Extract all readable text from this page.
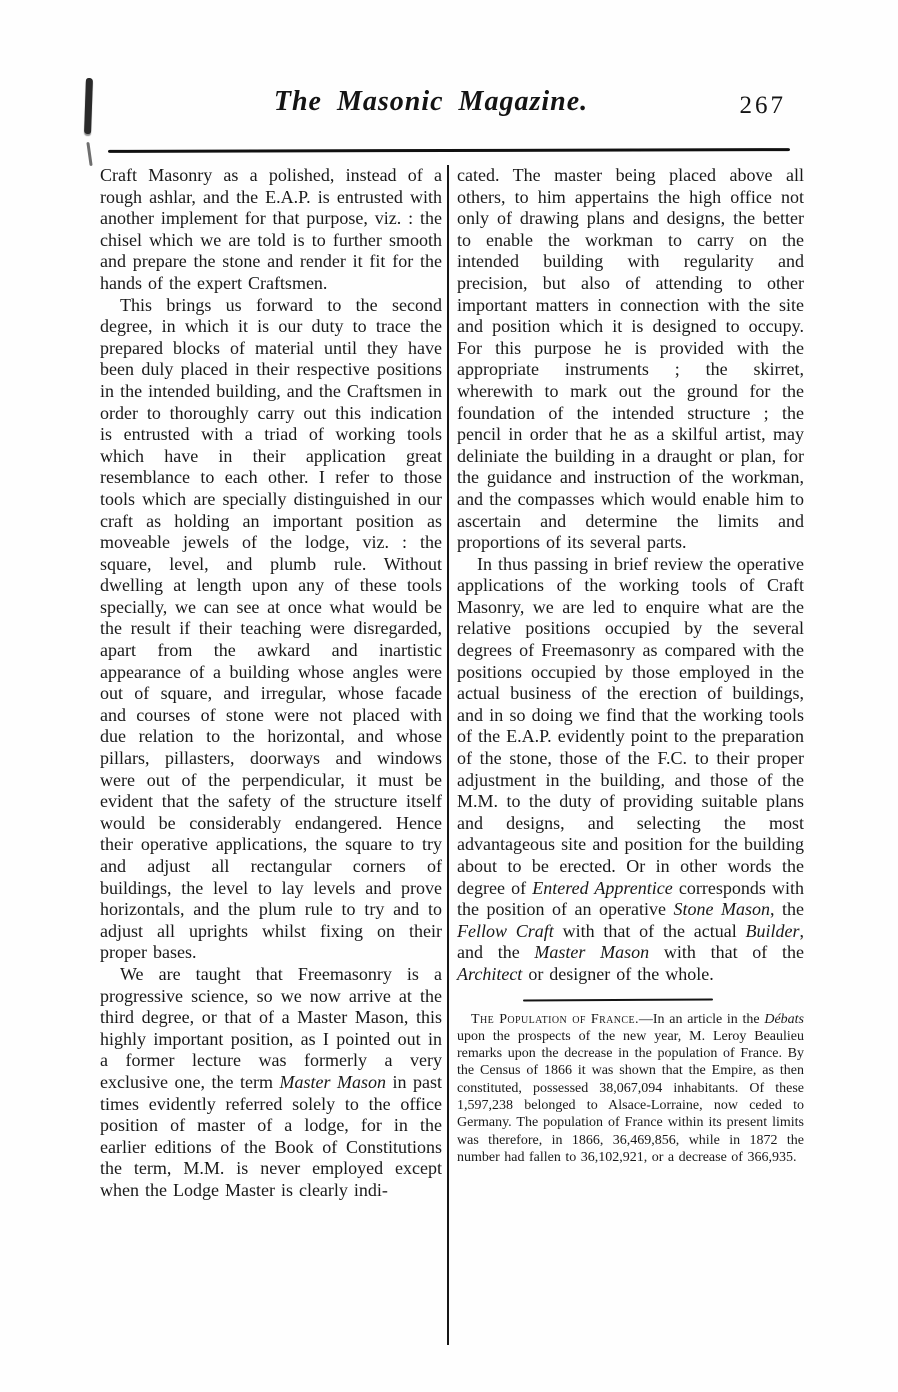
The Masonic Magazine.	267

Craft Masonry as a polished, instead of a rough ashlar, and the E.A.P. is entrusted with another implement for that purpose, viz. : the chisel which we are told is to further smooth and prepare the stone and render it fit for the hands of the expert Craftsmen.

This brings us forward to the second degree, in which it is our duty to trace the prepared blocks of material until they have been duly placed in their respective positions in the intended building, and the Craftsmen in order to thoroughly carry out this indication is entrusted with a triad of working tools which have in their application great resemblance to each other. I refer to those tools which are specially distinguished in our craft as holding an important position as moveable jewels of the lodge, viz. : the square, level, and plumb rule. Without dwelling at length upon any of these tools specially, we can see at once what would be the result if their teaching were disregarded, apart from the awkard and inartistic appearance of a building whose angles were out of square, and irregular, whose facade and courses of stone were not placed with due relation to the horizontal, and whose pillars, pillasters, doorways and windows were out of the perpendicular, it must be evident that the safety of the structure itself would be considerably endangered. Hence their operative applications, the square to try and adjust all rectangular corners of buildings, the level to lay levels and prove horizontals, and the plum rule to try and to adjust all uprights whilst fixing on their proper bases.

We are taught that Freemasonry is a progressive science, so we now arrive at the third degree, or that of a Master Mason, this highly important position, as I pointed out in a former lecture was formerly a very exclusive one, the term Master Mason in past times evidently referred solely to the office position of master of a lodge, for in the earlier editions of the Book of Constitutions the term, M.M. is never employed except when the Lodge Master is clearly indi-

cated. The master being placed above all others, to him appertains the high office not only of drawing plans and designs, the better to enable the workman to carry on the intended building with regularity and precision, but also of attending to other important matters in connection with the site and position which it is designed to occupy. For this purpose he is provided with the appropriate instruments ; the skirret, wherewith to mark out the ground for the foundation of the intended structure ; the pencil in order that he as a skilful artist, may deliniate the building in a draught or plan, for the guidance and instruction of the workman, and the compasses which would enable him to ascertain and determine the limits and proportions of its several parts.

In thus passing in brief review the operative applications of the working tools of Craft Masonry, we are led to enquire what are the relative positions occupied by the several degrees of Freemasonry as compared with the positions occupied by those employed in the actual business of the erection of buildings, and in so doing we find that the working tools of the E.A.P. evidently point to the preparation of the stone, those of the F.C. to their proper adjustment in the building, and those of the M.M. to the duty of providing suitable plans and designs, and selecting the most advantageous site and position for the building about to be erected. Or in other words the degree of Entered Apprentice corresponds with the position of an operative Stone Mason, the Fellow Craft with that of the actual Builder, and the Master Mason with that of the Architect or designer of the whole.

The Population of France.—In an article in the Débats upon the prospects of the new year, M. Leroy Beaulieu remarks upon the decrease in the population of France. By the Census of 1866 it was shown that the Empire, as then constituted, possessed 38,067,094 inhabitants. Of these 1,597,238 belonged to Alsace-Lorraine, now ceded to Germany. The population of France within its present limits was therefore, in 1866, 36,469,856, while in 1872 the number had fallen to 36,102,921, or a decrease of 366,935.
